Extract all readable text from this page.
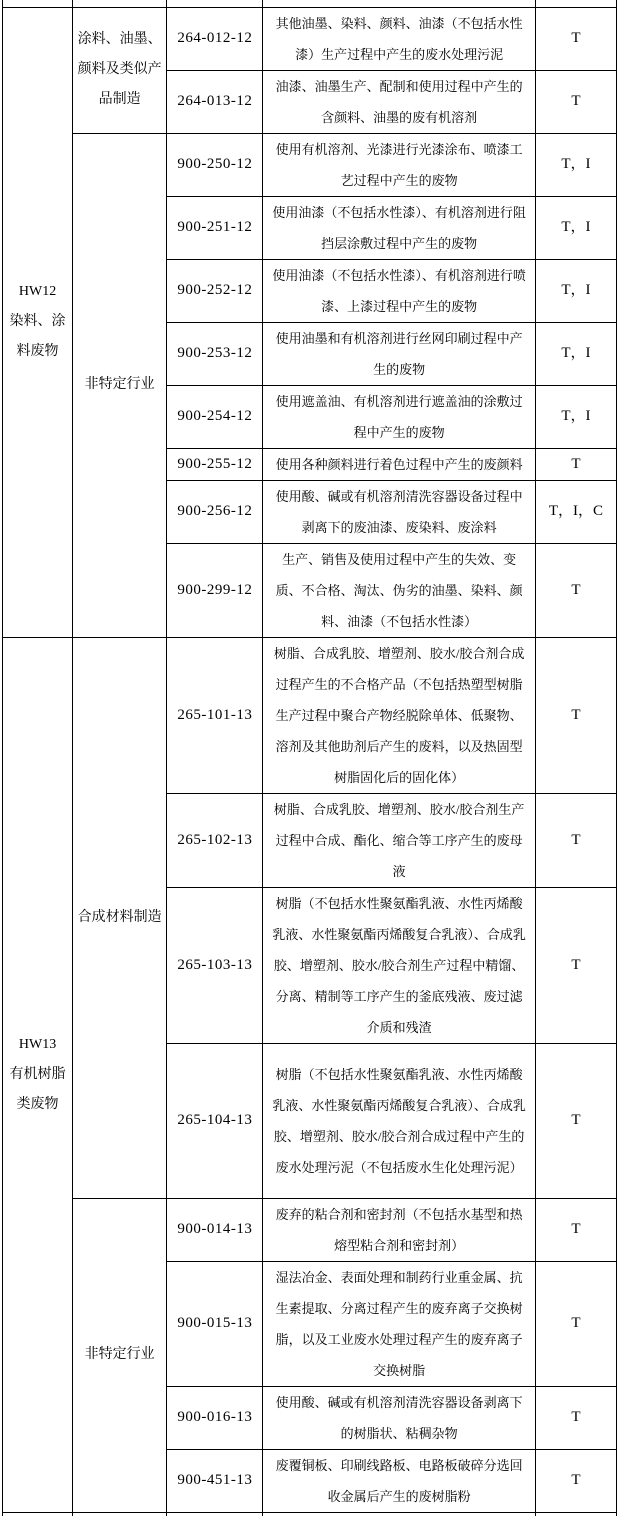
HW12
染料、涂料废物	涂料、油墨、颜料及类似产品制造	264-012-12	其他油墨、染料、颜料、油漆（不包括水性漆）生产过程中产生的废水处理污泥	T
		264-013-12	油漆、油墨生产、配制和使用过程中产生的含颜料、油墨的废有机溶剂	T
	非特定行业	900-250-12	使用有机溶剂、光漆进行光漆涂布、喷漆工艺过程中产生的废物	T，I
		900-251-12	使用油漆（不包括水性漆）、有机溶剂进行阻挡层涂敷过程中产生的废物	T，I
		900-252-12	使用油漆（不包括水性漆）、有机溶剂进行喷漆、上漆过程中产生的废物	T，I
		900-253-12	使用油墨和有机溶剂进行丝网印刷过程中产生的废物	T，I
		900-254-12	使用遮盖油、有机溶剂进行遮盖油的涂敷过程中产生的废物	T，I
		900-255-12	使用各种颜料进行着色过程中产生的废颜料	T
		900-256-12	使用酸、碱或有机溶剂清洗容器设备过程中剥离下的废油漆、废染料、废涂料	T，I，C
		900-299-12	生产、销售及使用过程中产生的失效、变质、不合格、淘汰、伪劣的油墨、染料、颜料、油漆（不包括水性漆）	T

HW13
有机树脂类废物	合成材料制造	265-101-13	树脂、合成乳胶、增塑剂、胶水/胶合剂合成过程产生的不合格产品（不包括热塑型树脂生产过程中聚合产物经脱除单体、低聚物、溶剂及其他助剂后产生的废料，以及热固型树脂固化后的固化体）	T
		265-102-13	树脂、合成乳胶、增塑剂、胶水/胶合剂生产过程中合成、酯化、缩合等工序产生的废母液	T
		265-103-13	树脂（不包括水性聚氨酯乳液、水性丙烯酸乳液、水性聚氨酯丙烯酸复合乳液）、合成乳胶、增塑剂、胶水/胶合剂生产过程中精馏、分离、精制等工序产生的釜底残液、废过滤介质和残渣	T
		265-104-13	树脂（不包括水性聚氨酯乳液、水性丙烯酸乳液、水性聚氨酯丙烯酸复合乳液）、合成乳胶、增塑剂、胶水/胶合剂合成过程中产生的废水处理污泥（不包括废水生化处理污泥）	T
	非特定行业	900-014-13	废弃的粘合剂和密封剂（不包括水基型和热熔型粘合剂和密封剂）	T
		900-015-13	湿法冶金、表面处理和制药行业重金属、抗生素提取、分离过程产生的废弃离子交换树脂，以及工业废水处理过程产生的废弃离子交换树脂	T
		900-016-13	使用酸、碱或有机溶剂清洗容器设备剥离下的树脂状、粘稠杂物	T
		900-451-13	废覆铜板、印刷线路板、电路板破碎分选回收金属后产生的废树脂粉	T
